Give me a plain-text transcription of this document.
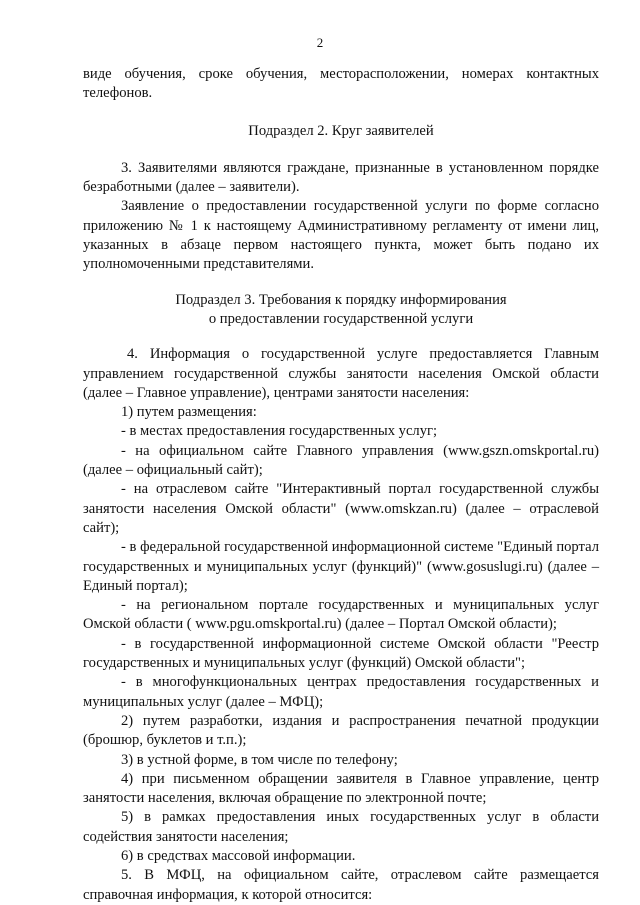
2

виде обучения, сроке обучения, месторасположении, номерах контактных телефонов.

Подраздел 2. Круг заявителей

3. Заявителями являются граждане, признанные в установленном порядке безработными (далее – заявители).

Заявление о предоставлении государственной услуги по форме согласно приложению № 1 к настоящему Административному регламенту от имени лиц, указанных в абзаце первом настоящего пункта, может быть подано их уполномоченными представителями.

Подраздел 3. Требования к порядку информирования
о предоставлении государственной услуги

4. Информация о государственной услуге предоставляется Главным управлением государственной службы занятости населения Омской области (далее – Главное управление), центрами занятости населения:

1) путем размещения:

- в местах предоставления государственных услуг;

- на официальном сайте Главного управления (www.gszn.omskportal.ru) (далее – официальный сайт);

- на отраслевом сайте "Интерактивный портал государственной службы занятости населения Омской области" (www.omskzan.ru) (далее – отраслевой сайт);

- в федеральной государственной информационной системе "Единый портал государственных и муниципальных услуг (функций)" (www.gosuslugi.ru) (далее – Единый портал);

- на региональном портале государственных и муниципальных услуг Омской области ( www.pgu.omskportal.ru) (далее – Портал Омской области);

- в государственной информационной системе Омской области "Реестр государственных и муниципальных услуг (функций) Омской области";

- в многофункциональных центрах предоставления государственных и муниципальных услуг (далее – МФЦ);

2) путем разработки, издания и распространения печатной продукции (брошюр, буклетов и т.п.);

3) в устной форме, в том числе по телефону;

4) при письменном обращении заявителя в Главное управление, центр занятости населения, включая обращение по электронной почте;

5) в рамках предоставления иных государственных услуг в области содействия занятости населения;

6) в средствах массовой информации.

5. В МФЦ, на официальном сайте, отраслевом сайте размещается справочная информация, к которой относится:
